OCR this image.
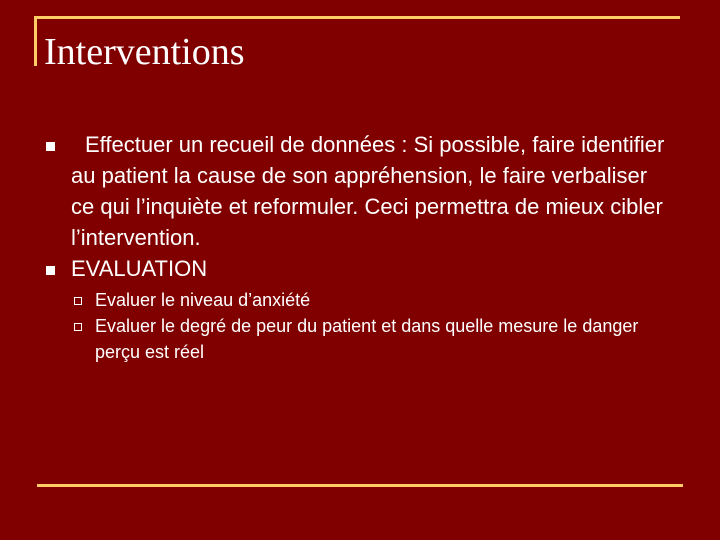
Interventions
Effectuer un recueil de données : Si possible, faire identifier au patient la cause de son appréhension, le faire verbaliser ce qui l’inquiète et reformuler. Ceci permettra de mieux cibler l’intervention.
EVALUATION
Evaluer le niveau d’anxiété
Evaluer le degré de peur du patient et dans quelle mesure le danger perçu est réel
